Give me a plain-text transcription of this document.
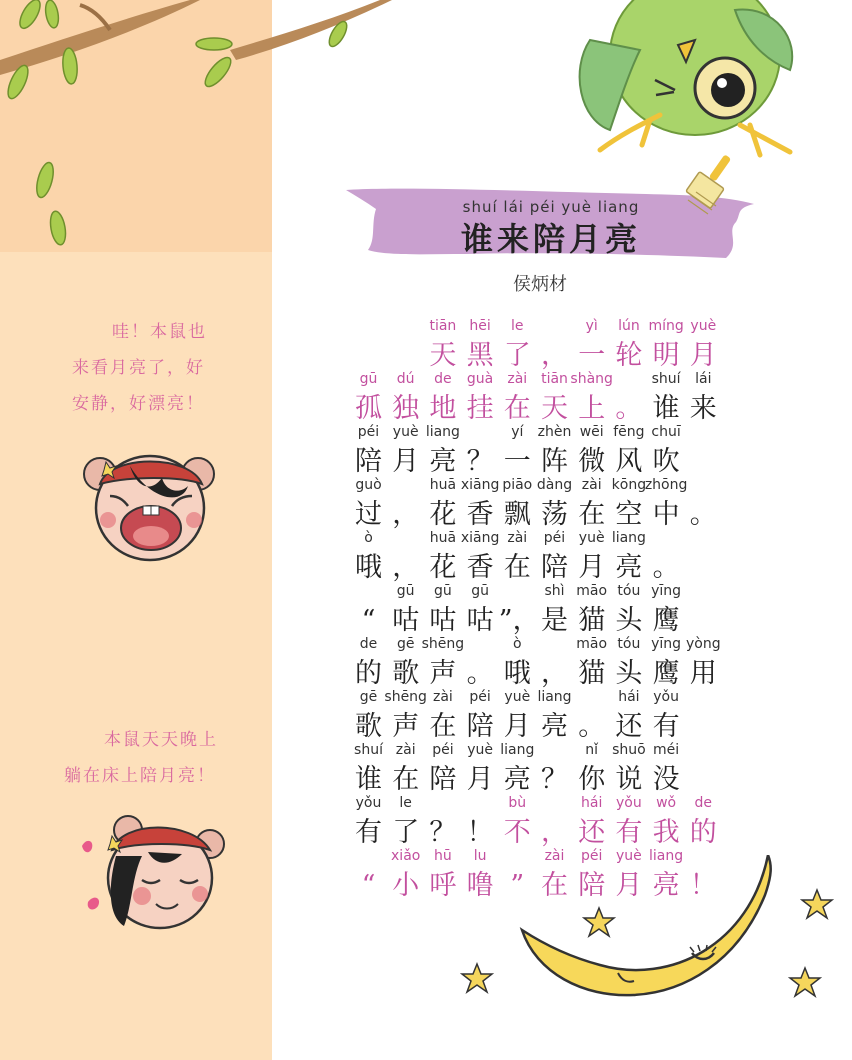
shuí lái péi yuè liang
谁来陪月亮
侯炳材
哇！本鼠也
来看月亮了，好
安静，好漂亮！
本鼠天天晚上
躺在床上陪月亮！
tiān
天
hēi
黑
le
了 ，
yì
一
lún
轮
míng
明
yuè
月
gū
孤
dú
独
de
地
guà
挂
zài
在
tiān
天
shàng
上 。
shuí
谁
lái
来
péi
陪
yuè
月
liang
亮 ？
yí
一
zhèn
阵
wēi
微
fēng
风
chuī
吹
guò
过 ，
huā
花
xiāng
香
piāo
飘
dàng
荡
zài
在
kōng
空
zhōng
中 。
ò
哦 ，
huā
花
xiāng
香
zài
在
péi
陪
yuè
月
liang
亮 。
“
gū
咕
gū
咕
gū
咕 ”，
shì
是
māo
猫
tóu
头
yīng
鹰
de
的
gē
歌
shēng
声 。
ò
哦 ，
māo
猫
tóu
头
yīng
鹰
yòng
用
gē
歌
shēng
声
zài
在
péi
陪
yuè
月
liang
亮 。
hái
还
yǒu
有
shuí
谁
zài
在
péi
陪
yuè
月
liang
亮 ？
nǐ
你
shuō
说
méi
没
yǒu
有
le
了 ？ ！
bù
不 ，
hái
还
yǒu
有
wǒ
我
de
的
“
xiǎo
小
hū
呼
lu
噜 ”
zài
在
péi
陪
yuè
月
liang
亮 ！
